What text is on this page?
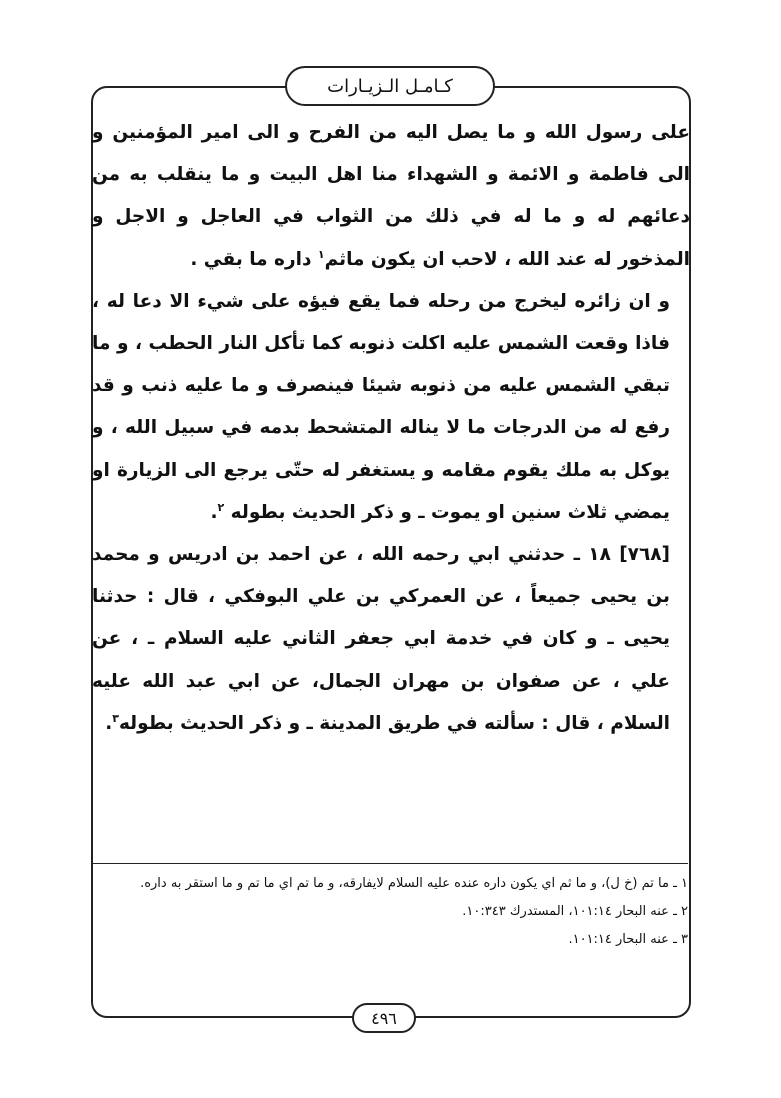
كـامـل الـزيـارات

على رسول الله و ما يصل اليه من الفرح و الى امير المؤمنين و الى فاطمة و الائمة و الشهداء منا اهل البيت و ما ينقلب به من دعائهم له و ما له في ذلك من الثواب في العاجل و الاجل و المذخور له عند الله ، لاحب ان يكون ماثم$^١$ داره ما بقي .

و ان زائره ليخرج من رحله فما يقع فيؤه على شيء الا دعا له ، فاذا وقعت الشمس عليه اكلت ذنوبه كما تأكل النار الحطب ، و ما تبقي الشمس عليه من ذنوبه شيئا فينصرف و ما عليه ذنب و قد رفع له من الدرجات ما لا يناله المتشحط بدمه في سبيل الله ، و يوكل به ملك يقوم مقامه و يستغفر له حتّى يرجع الى الزيارة او يمضي ثلاث سنين او يموت ـ و ذكر الحديث بطوله $^٢$.

[٧٦٨] ١٨ ـ حدثني ابي رحمه الله ، عن احمد بن ادريس و محمد بن يحيى جميعاً ، عن العمركي بن علي البوفكي ، قال : حدثنا يحيى ـ و كان في خدمة ابي جعفر الثاني عليه السلام ـ ، عن علي ، عن صفوان بن مهران الجمال، عن ابي عبد الله عليه السلام ، قال : سألته في طريق المدينة ـ و ذكر الحديث بطوله$^٣$.

١ ـ ما تم (خ ل)، و ما ثم اي يكون داره عنده عليه السلام لايفارقه، و ما تم اي ما تم و ما استقر به داره.

٢ ـ عنه البحار ١٠١:١٤، المستدرك ١٠:٣٤٣.

٣ ـ عنه البحار ١٠١:١٤.

٤٩٦
